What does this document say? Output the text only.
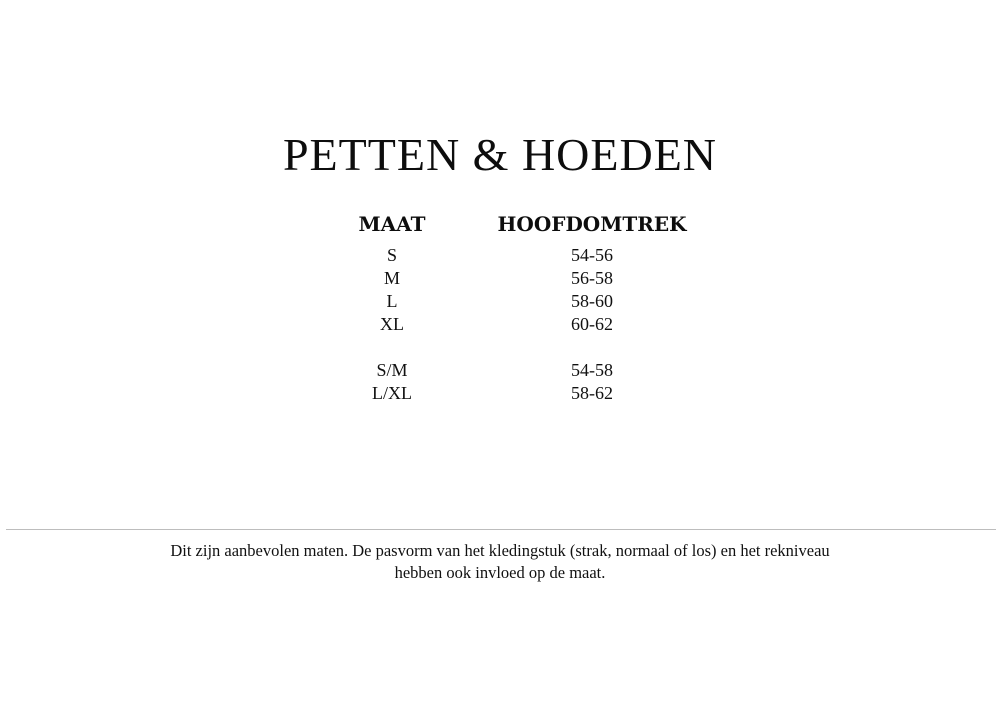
PETTEN & HOEDEN
MAAT	HOOFDOMTREK
S	54-56
M	56-58
L	58-60
XL	60-62

S/M	54-58
L/XL	58-62

Dit zijn aanbevolen maten. De pasvorm van het kledingstuk (strak, normaal of los) en het rekniveau
hebben ook invloed op de maat.
